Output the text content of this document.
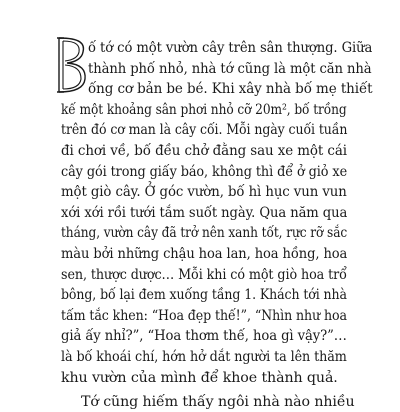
ố tớ có một vườn cây trên sân thượng. Giữa
thành phố nhỏ, nhà tớ cũng là một căn nhà
ống cơ bản be bé. Khi xây nhà bố mẹ thiết
kế một khoảng sân phơi nhỏ cỡ 20m², bố trồng
trên đó cơ man là cây cối. Mỗi ngày cuối tuần
đi chơi về, bố đều chở đằng sau xe một cái
cây gói trong giấy báo, không thì để ở giỏ xe
một giò cây. Ở góc vườn, bố hì hục vun vun
xới xới rồi tưới tắm suốt ngày. Qua năm qua
tháng, vườn cây đã trở nên xanh tốt, rực rỡ sắc
màu bởi những chậu hoa lan, hoa hồng, hoa
sen, thược dược… Mỗi khi có một giò hoa trổ
bông, bố lại đem xuống tầng 1. Khách tới nhà
tấm tắc khen: “Hoa đẹp thế!”, “Nhìn như hoa
giả ấy nhỉ?”, “Hoa thơm thế, hoa gì vậy?”…
là bố khoái chí, hớn hở dắt người ta lên thăm
khu vườn của mình để khoe thành quả.
Tớ cũng hiếm thấy ngôi nhà nào nhiều
